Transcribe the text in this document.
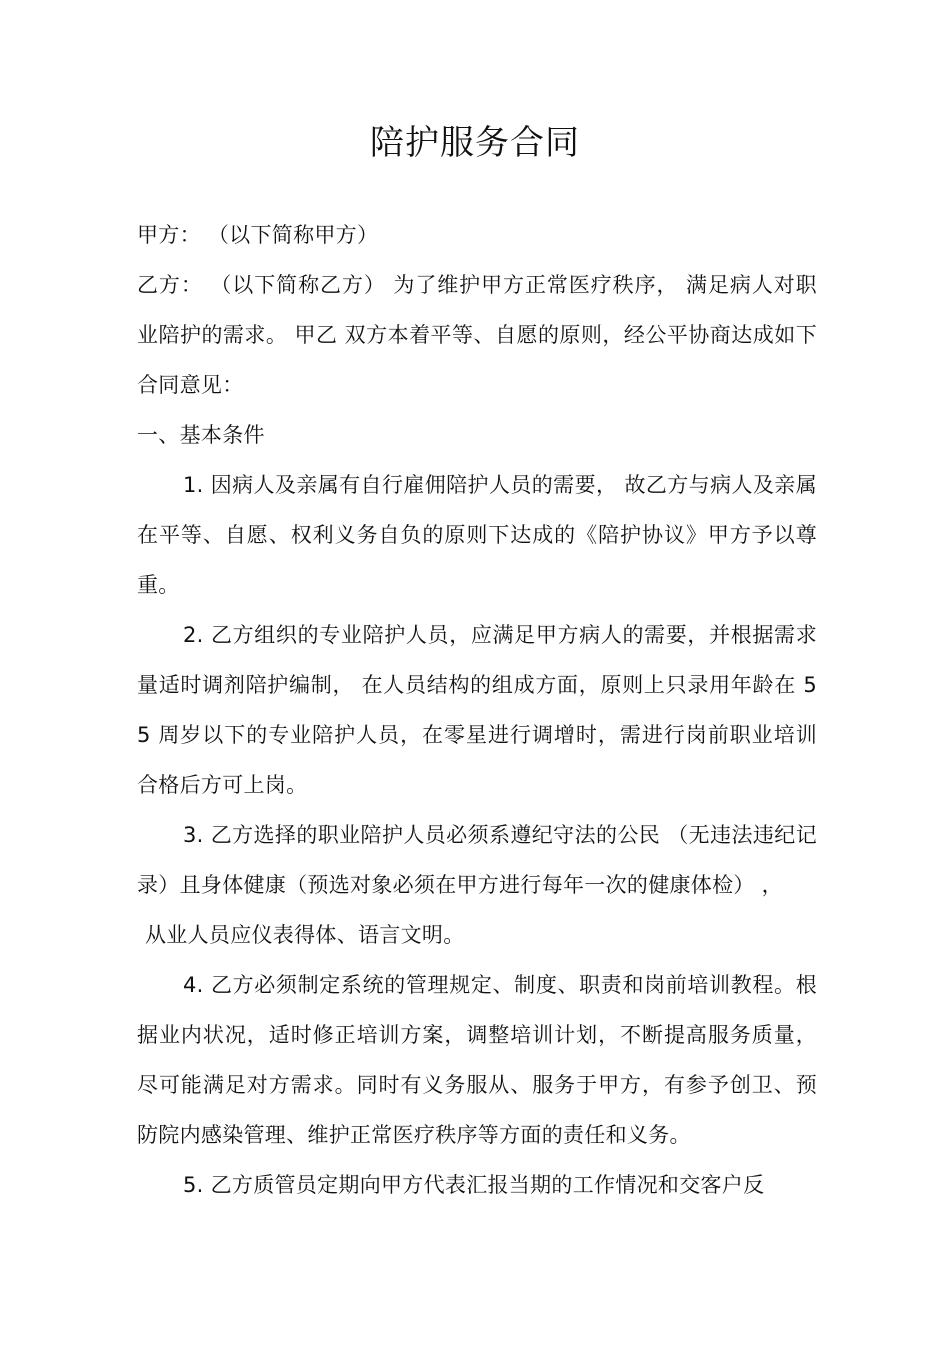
陪护服务合同

甲方： （以下简称甲方）

乙方： （以下简称乙方） 为了维护甲方正常医疗秩序， 满足病人对职业陪护的需求。 甲乙 双方本着平等、自愿的原则，经公平协商达成如下合同意见：

一、基本条件

1. 因病人及亲属有自行雇佣陪护人员的需要， 故乙方与病人及亲属在平等、自愿、权利义务自负的原则下达成的《陪护协议》甲方予以尊重。

2. 乙方组织的专业陪护人员，应满足甲方病人的需要，并根据需求量适时调剂陪护编制， 在人员结构的组成方面，原则上只录用年龄在 55 周岁以下的专业陪护人员，在零星进行调增时，需进行岗前职业培训合格后方可上岗。

3. 乙方选择的职业陪护人员必须系遵纪守法的公民 （无违法违纪记录）且身体健康（预选对象必须在甲方进行每年一次的健康体检） ，

从业人员应仪表得体、语言文明。

4. 乙方必须制定系统的管理规定、制度、职责和岗前培训教程。根据业内状况，适时修正培训方案，调整培训计划，不断提高服务质量，尽可能满足对方需求。同时有义务服从、服务于甲方，有参予创卫、预防院内感染管理、维护正常医疗秩序等方面的责任和义务。

5. 乙方质管员定期向甲方代表汇报当期的工作情况和交客户反
